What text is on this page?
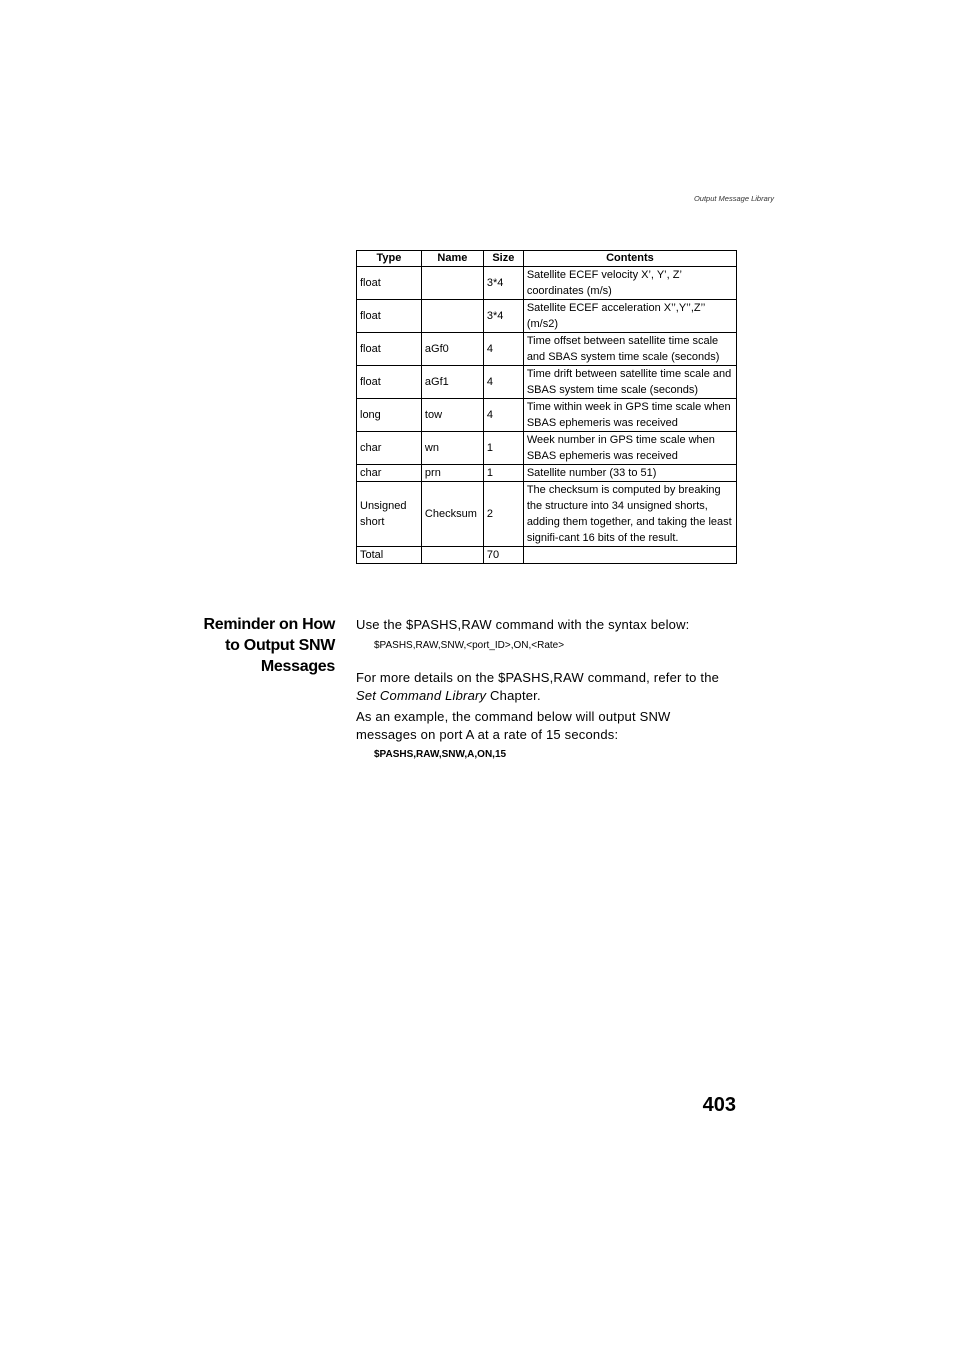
Output Message Library
Type	Name	Size	Contents
float		3*4	Satellite ECEF velocity X’, Y’, Z’ coordinates (m/s)
float		3*4	Satellite ECEF acceleration X’’,Y’’,Z’’ (m/s2)
float	aGf0	4	Time offset between satellite time scale and SBAS system time scale (seconds)
float	aGf1	4	Time drift between satellite time scale and SBAS system time scale (seconds)
long	tow	4	Time within week in GPS time scale when SBAS ephemeris was received
char	wn	1	Week number in GPS time scale when SBAS ephemeris was received
char	prn	1	Satellite number (33 to 51)
Unsigned short	Checksum	2	The checksum is computed by breaking the structure into 34 unsigned shorts, adding them together, and taking the least signifi-cant 16 bits of the result.
Total		70	
Reminder on How to Output SNW Messages
Use the $PASHS,RAW command with the syntax below:
$PASHS,RAW,SNW,<port_ID>,ON,<Rate>
For more details on the $PASHS,RAW command, refer to the Set Command Library Chapter.
As an example, the command below will output SNW messages on port A at a rate of 15 seconds:
$PASHS,RAW,SNW,A,ON,15
403
